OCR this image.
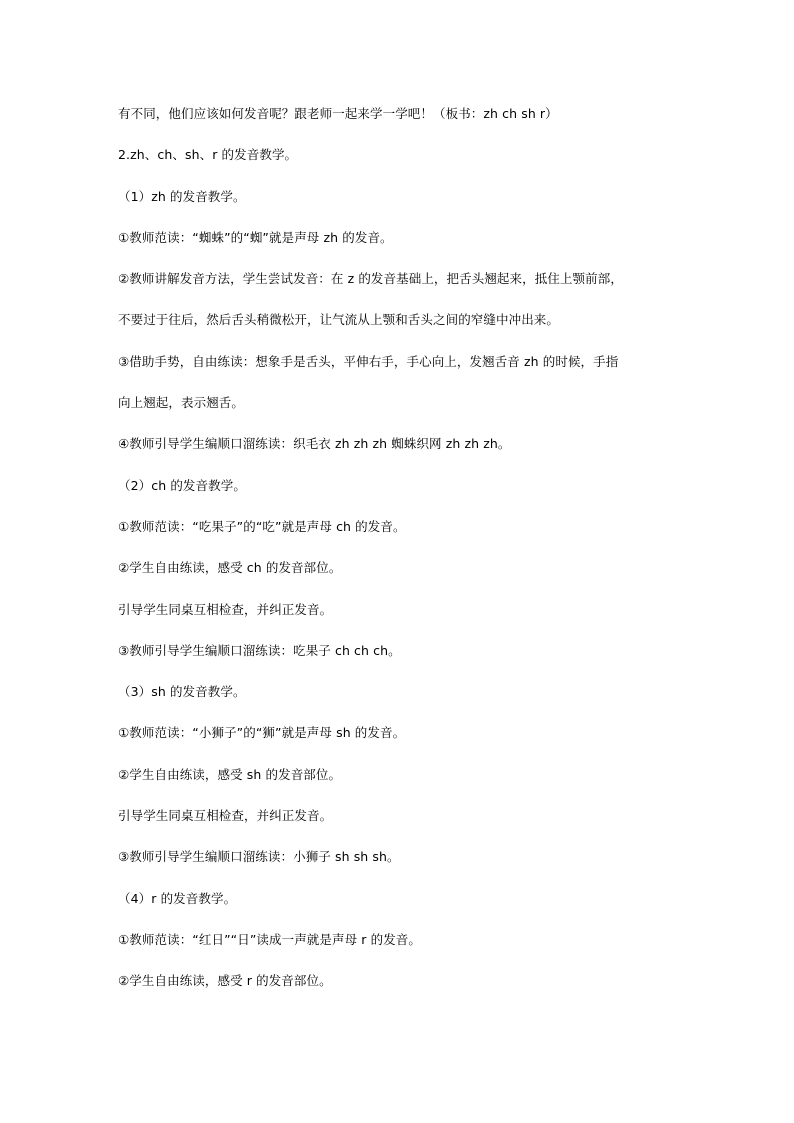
有不同，他们应该如何发音呢？跟老师一起来学一学吧！（板书：zh ch sh r）

2.zh、ch、sh、r 的发音教学。

（1）zh 的发音教学。

①教师范读：“蜘蛛”的“蜘”就是声母 zh 的发音。

②教师讲解发音方法，学生尝试发音：在 z 的发音基础上，把舌头翘起来，抵住上颚前部，

不要过于往后，然后舌头稍微松开，让气流从上颚和舌头之间的窄缝中冲出来。

③借助手势，自由练读：想象手是舌头，平伸右手，手心向上，发翘舌音 zh 的时候，手指

向上翘起，表示翘舌。

④教师引导学生编顺口溜练读：织毛衣 zh zh zh 蜘蛛织网 zh zh zh。

（2）ch 的发音教学。

①教师范读：“吃果子”的“吃”就是声母 ch 的发音。

②学生自由练读，感受 ch 的发音部位。

引导学生同桌互相检查，并纠正发音。

③教师引导学生编顺口溜练读：吃果子 ch ch ch。

（3）sh 的发音教学。

①教师范读：“小狮子”的“狮”就是声母 sh 的发音。

②学生自由练读，感受 sh 的发音部位。

引导学生同桌互相检查，并纠正发音。

③教师引导学生编顺口溜练读：小狮子 sh sh sh。

（4）r 的发音教学。

①教师范读：“红日”“日”读成一声就是声母 r 的发音。

②学生自由练读，感受 r 的发音部位。
